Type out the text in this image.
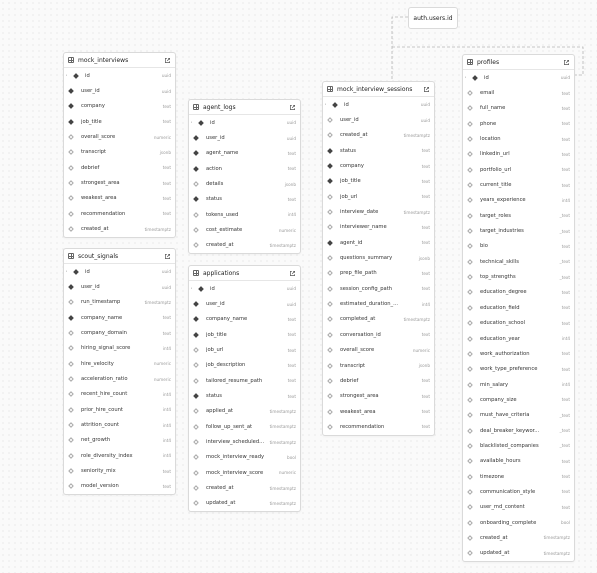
auth.users.id
mock_interviews
˒	id	uuid
user_id	uuid
company	text
job_title	text
overall_score	numeric
transcript	jsonb
debrief	text
strongest_area	text
weakest_area	text
recommendation	text
created_at	timestamptz
scout_signals
˒	id	uuid
user_id	uuid
run_timestamp	timestamptz
company_name	text
company_domain	text
hiring_signal_score	int4
hire_velocity	numeric
acceleration_ratio	numeric
recent_hire_count	int4
prior_hire_count	int4
attrition_count	int4
net_growth	int4
role_diversity_index	int4
seniority_mix	text
model_version	text
agent_logs
˒	id	uuid
user_id	uuid
agent_name	text
action	text
details	jsonb
status	text
tokens_used	int4
cost_estimate	numeric
created_at	timestamptz
applications
˒	id	uuid
user_id	uuid
company_name	text
job_title	text
job_url	text
job_description	text
tailored_resume_path	text
status	text
applied_at	timestamptz
follow_up_sent_at	timestamptz
interview_scheduled...	timestamptz
mock_interview_ready	bool
mock_interview_score	numeric
created_at	timestamptz
updated_at	timestamptz
mock_interview_sessions
˒	id	uuid
user_id	uuid
created_at	timestamptz
status	text
company	text
job_title	text
job_url	text
interview_date	timestamptz
interviewer_name	text
agent_id	text
questions_summary	jsonb
prep_file_path	text
session_config_path	text
estimated_duration_...	int4
completed_at	timestamptz
conversation_id	text
overall_score	numeric
transcript	jsonb
debrief	text
strongest_area	text
weakest_area	text
recommendation	text
profiles
˒	id	uuid
email	text
full_name	text
phone	text
location	text
linkedin_url	text
portfolio_url	text
current_title	text
years_experience	int4
target_roles	_text
target_industries	_text
bio	text
technical_skills	_text
top_strengths	_text
education_degree	text
education_field	text
education_school	text
education_year	int4
work_authorization	text
work_type_preference	text
min_salary	int4
company_size	text
must_have_criteria	_text
deal_breaker_keywor...	_text
blacklisted_companies	_text
available_hours	text
timezone	text
communication_style	text
user_md_content	text
onboarding_complete	bool
created_at	timestamptz
updated_at	timestamptz
